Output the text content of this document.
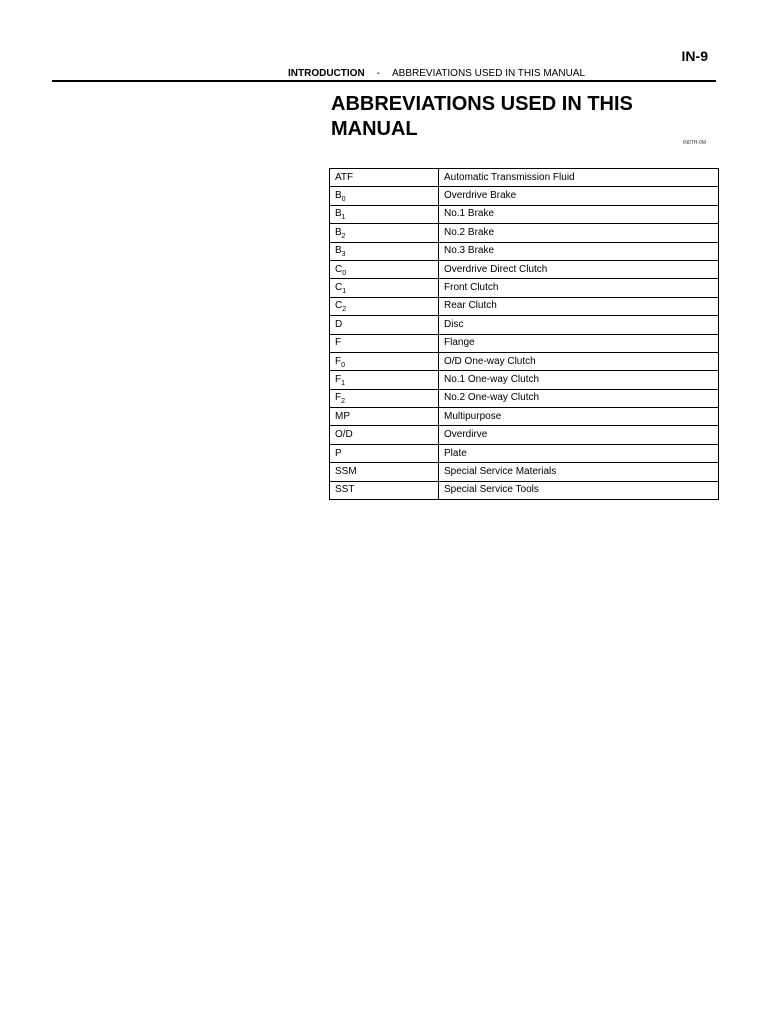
IN-9
INTRODUCTION - ABBREVIATIONS USED IN THIS MANUAL
ABBREVIATIONS USED IN THIS MANUAL
IN0TH-0M
ATF	Automatic Transmission Fluid
$B_0$	Overdrive Brake
$B_1$	No.1 Brake
$B_2$	No.2 Brake
$B_3$	No.3 Brake
$C_0$	Overdrive Direct Clutch
$C_1$	Front Clutch
$C_2$	Rear Clutch
D	Disc
F	Flange
$F_0$	O/D One-way Clutch
$F_1$	No.1 One-way Clutch
$F_2$	No.2 One-way Clutch
MP	Multipurpose
O/D	Overdirve
P	Plate
SSM	Special Service Materials
SST	Special Service Tools
